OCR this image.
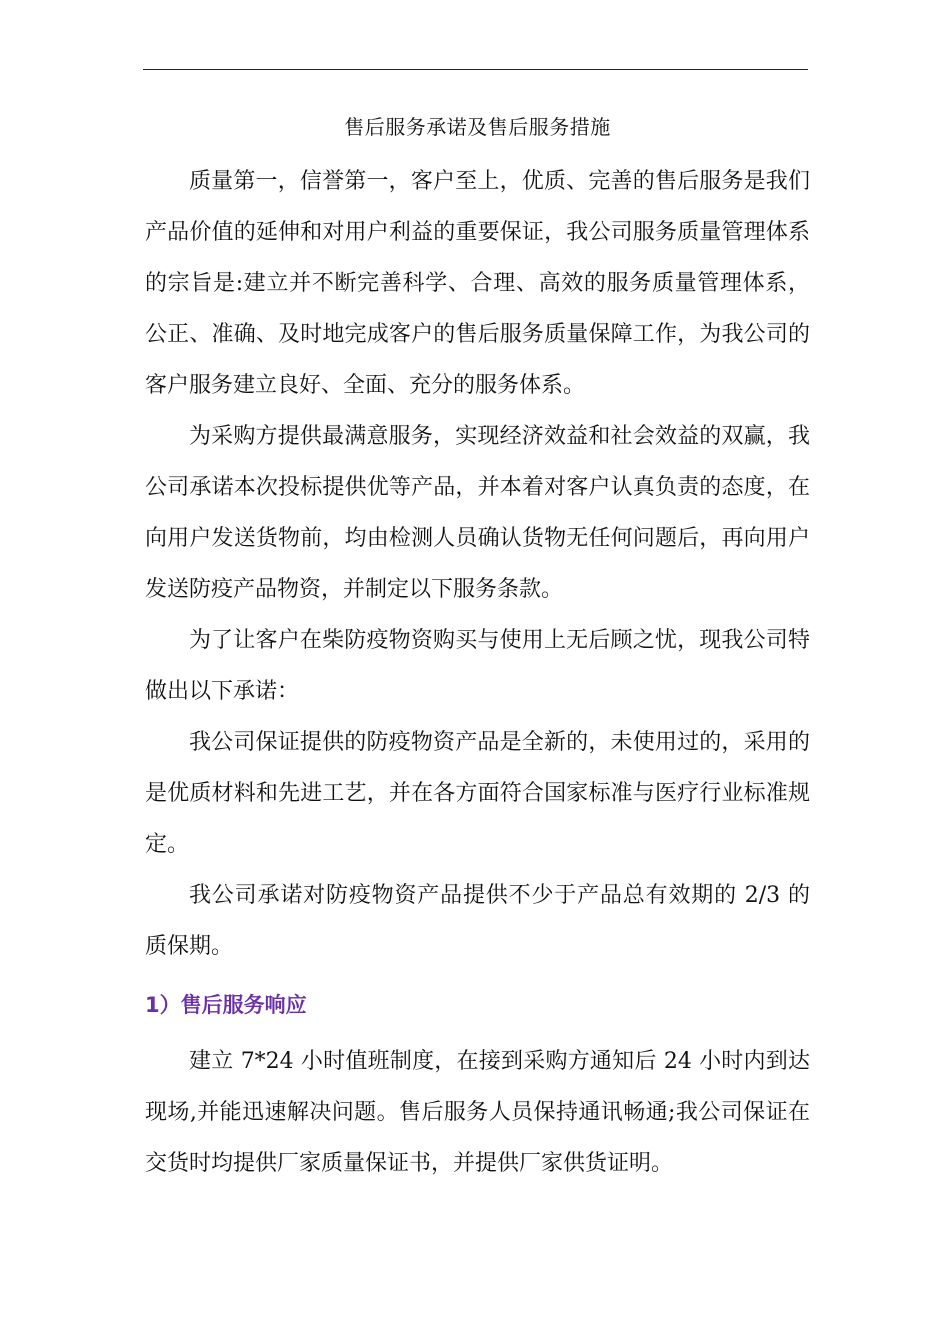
售后服务承诺及售后服务措施

质量第一，信誉第一，客户至上，优质、完善的售后服务是我们产品价值的延伸和对用户利益的重要保证，我公司服务质量管理体系的宗旨是:建立并不断完善科学、合理、高效的服务质量管理体系，公正、准确、及时地完成客户的售后服务质量保障工作，为我公司的客户服务建立良好、全面、充分的服务体系。

为采购方提供最满意服务，实现经济效益和社会效益的双赢，我公司承诺本次投标提供优等产品，并本着对客户认真负责的态度，在向用户发送货物前，均由检测人员确认货物无任何问题后，再向用户发送防疫产品物资，并制定以下服务条款。

为了让客户在柴防疫物资购买与使用上无后顾之忧，现我公司特做出以下承诺：

我公司保证提供的防疫物资产品是全新的，未使用过的，采用的是优质材料和先进工艺，并在各方面符合国家标准与医疗行业标准规定。

我公司承诺对防疫物资产品提供不少于产品总有效期的 2/3 的质保期。

1）售后服务响应

建立 7*24 小时值班制度，在接到采购方通知后 24 小时内到达现场,并能迅速解决问题。售后服务人员保持通讯畅通;我公司保证在交货时均提供厂家质量保证书，并提供厂家供货证明。
